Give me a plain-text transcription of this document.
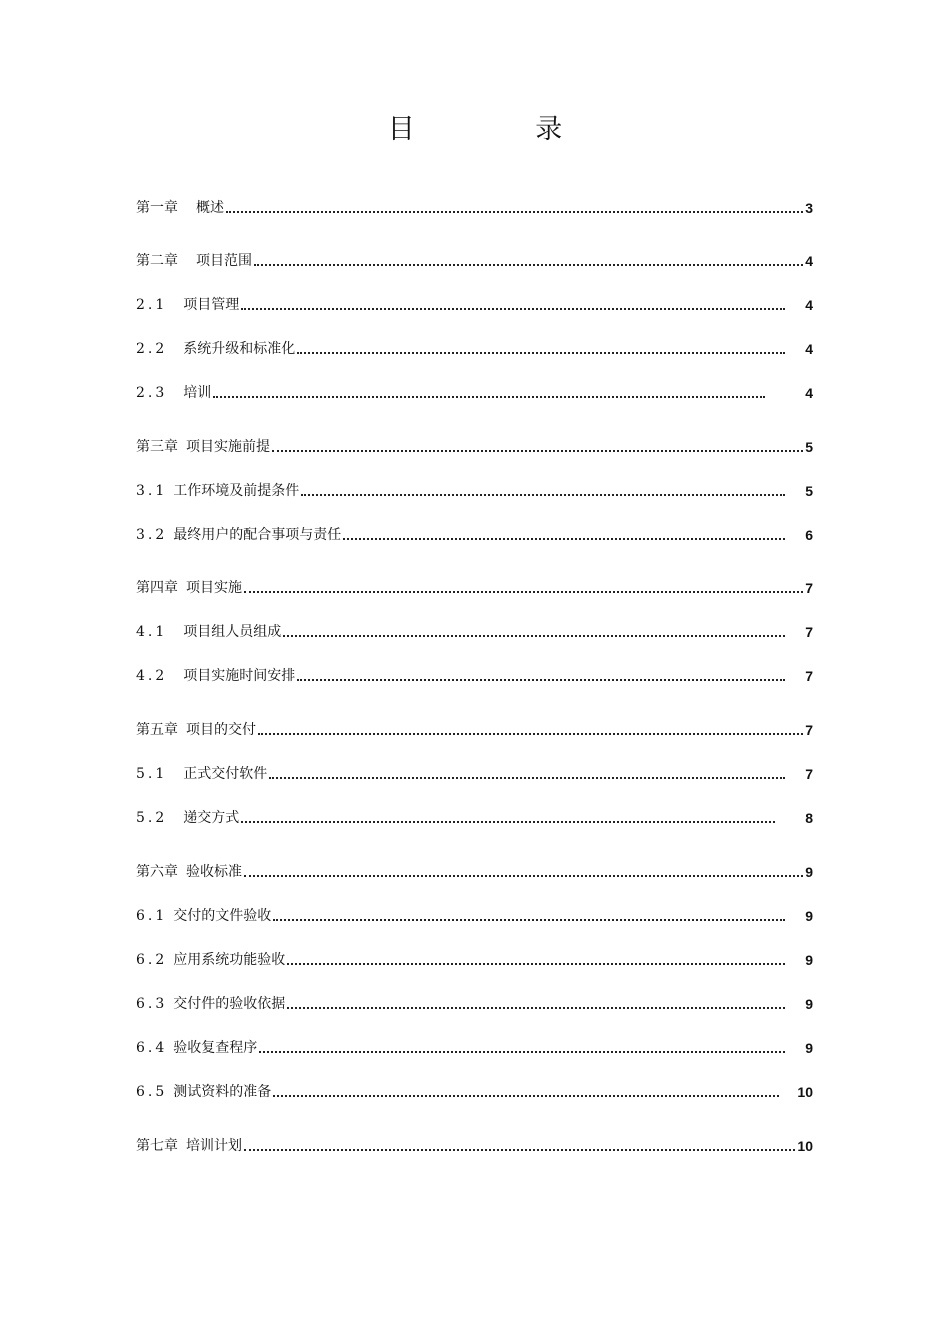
目 录
第一章 概述	3
第二章 项目范围	4
2.1 项目管理	4
2.2 系统升级和标准化	4
2.3 培训	4
第三章 项目实施前提	5
3.1 工作环境及前提条件	5
3.2 最终用户的配合事项与责任	6
第四章 项目实施	7
4.1 项目组人员组成	7
4.2 项目实施时间安排	7
第五章 项目的交付	7
5.1 正式交付软件	7
5.2 递交方式	8
第六章 验收标准	9
6.1 交付的文件验收	9
6.2 应用系统功能验收	9
6.3 交付件的验收依据	9
6.4 验收复查程序	9
6.5 测试资料的准备	10
第七章 培训计划	10
